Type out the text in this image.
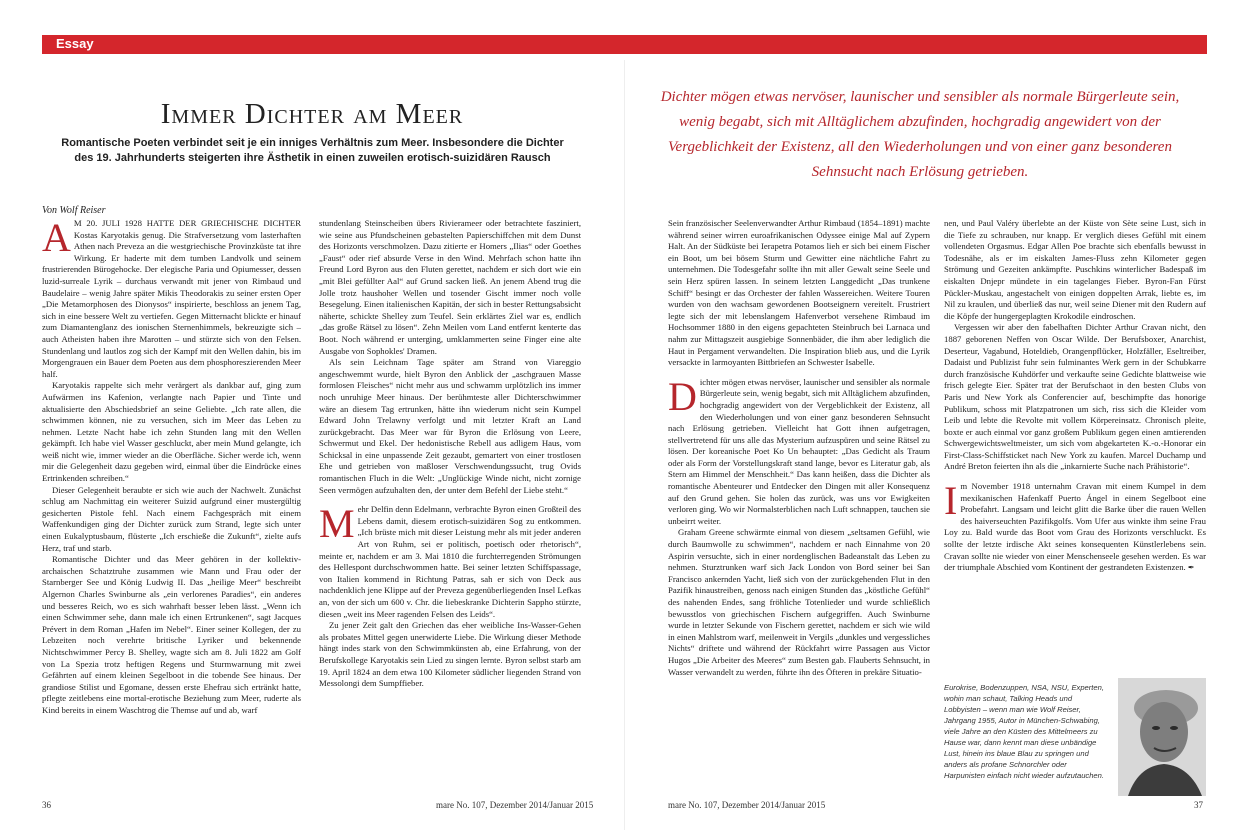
Essay
Immer Dichter am Meer

Romantische Poeten verbindet seit je ein inniges Verhältnis zum Meer. Insbesondere die Dichter des 19. Jahrhunderts steigerten ihre Ästhetik in einen zuweilen erotisch-suizidären Rausch

Von Wolf Reiser

Dichter mögen etwas nervöser, launischer und sensibler als normale Bürgerleute sein, wenig begabt, sich mit Alltäglichem abzufinden, hochgradig angewidert von der Vergeblichkeit der Existenz, all den Wiederholungen und von einer ganz besonderen Sehnsucht nach Erlösung getrieben.

A M 20. JULI 1928 HATTE DER GRIECHISCHE DICHTER Kostas Karyotakis genug. Die Strafversetzung vom lasterhaften Athen nach Preveza an die westgriechische Provinzküste tat ihre Wirkung. Er haderte mit dem tumben Landvolk und seinem frustrierenden Bürogehocke. Der elegische Paria und Opiumesser, dessen luzid-surreale Lyrik – durchaus verwandt mit jener von Rimbaud und Baudelaire – wenig Jahre später Mikis Theodorakis zu seiner ersten Oper „Die Metamorphosen des Dionysos“ inspirierte, beschloss an jenem Tag, sich in eine bessere Welt zu vertiefen. Gegen Mitternacht blickte er hinauf zum Diamantenglanz des ionischen Sternenhimmels, bekreuzigte sich – auch Atheisten haben ihre Marotten – und stürzte sich von den Felsen. Stundenlang und lautlos zog sich der Kampf mit den Wellen dahin, bis im Morgengrauen ein Bauer dem Poeten aus dem phosphoreszierenden Meer half.

Karyotakis rappelte sich mehr verärgert als dankbar auf, ging zum Aufwärmen ins Kafenion, verlangte nach Papier und Tinte und aktualisierte den Abschiedsbrief an seine Geliebte. „Ich rate allen, die schwimmen können, nie zu versuchen, sich im Meer das Leben zu nehmen. Letzte Nacht habe ich zehn Stunden lang mit den Wellen gekämpft. Ich habe viel Wasser geschluckt, aber mein Mund gelangte, ich weiß nicht wie, immer wieder an die Oberfläche. Sicher werde ich, wenn mir die Gelegenheit dazu gegeben wird, einmal über die Eindrücke eines Ertrinkenden schreiben.“

Dieser Gelegenheit beraubte er sich wie auch der Nachwelt. Zunächst schlug am Nachmittag ein weiterer Suizid aufgrund einer mustergültig gesicherten Pistole fehl. Nach einem Fachgespräch mit einem Waffenkundigen ging der Dichter zurück zum Strand, legte sich unter einen Eukalyptusbaum, flüsterte „Ich erschieße die Zukunft“, zielte aufs Herz, traf und starb.

Romantische Dichter und das Meer gehören in der kollektiv-archaischen Schatztruhe zusammen wie Mann und Frau oder der Starnberger See und König Ludwig II. Das „heilige Meer“ beschreibt Algernon Charles Swinburne als „ein verlorenes Paradies“, ein anderes und besseres Reich, wo es sich wahrhaft besser leben lässt. „Wenn ich einen Schwimmer sehe, dann male ich einen Ertrunkenen“, sagt Jacques Prévert in dem Roman „Hafen im Nebel“. Einer seiner Kollegen, der zu Lebzeiten noch verehrte britische Lyriker und bekennende Nichtschwimmer Percy B. Shelley, wagte sich am 8. Juli 1822 am Golf von La Spezia trotz heftigen Regens und Sturmwarnung mit zwei Gefährten auf einem kleinen Segelboot in die tobende See hinaus. Der grandiose Stilist und Egomane, dessen erste Ehefrau sich ertränkt hatte, pflegte zeitlebens eine mortal-erotische Beziehung zum Meer, ruderte als Kind bereits in einem Waschtrog die Themse auf und ab, warf

stundenlang Steinscheiben übers Rivierameer oder betrachtete fasziniert, wie seine aus Pfundscheinen gebastelten Papierschiffchen mit dem Dunst des Horizonts verschmolzen. Dazu zitierte er Homers „Ilias“ oder Goethes „Faust“ oder rief absurde Verse in den Wind. Mehrfach schon hatte ihn Freund Lord Byron aus den Fluten gerettet, nachdem er sich dort wie ein „mit Blei gefüllter Aal“ auf Grund sacken ließ. An jenem Abend trug die Jolle trotz haushoher Wellen und tosender Gischt immer noch volle Besegelung. Einen italienischen Kapitän, der sich in bester Rettungsabsicht näherte, schickte Shelley zum Teufel. Sein erklärtes Ziel war es, endlich „das große Rätsel zu lösen“. Zehn Meilen vom Land entfernt kenterte das Boot. Noch während er unterging, umklammerten seine Finger eine alte Ausgabe von Sophokles' Dramen.

Als sein Leichnam Tage später am Strand von Viareggio angeschwemmt wurde, hielt Byron den Anblick der „aschgrauen Masse formlosen Fleisches“ nicht mehr aus und schwamm urplötzlich ins immer noch unruhige Meer hinaus. Der berühmteste aller Dichterschwimmer wäre an diesem Tag ertrunken, hätte ihn wiederum nicht sein Kumpel Edward John Trelawny verfolgt und mit letzter Kraft an Land zurückgebracht. Das Meer war für Byron die Erlösung von Leere, Schwermut und Ekel. Der hedonistische Rebell aus adligem Haus, vom Schicksal in eine unpassende Zeit gezaubt, gemartert von einer trostlosen Ehe und getrieben von maßloser Verschwendungssucht, trug Ovids romantischen Fluch in die Welt: „Unglückige Winde nicht, nicht zornige Seen vermögen aufzuhalten den, der unter dem Befehl der Liebe steht.“

Mehr Delfin denn Edelmann, verbrachte Byron einen Großteil des Lebens damit, diesem erotisch-suizidären Sog zu entkommen. „Ich brüste mich mit dieser Leistung mehr als mit jeder anderen Art von Ruhm, sei er politisch, poetisch oder rhetorisch“, meinte er, nachdem er am 3. Mai 1810 die furchterregenden Strömungen des Hellespont durchschwommen hatte. Bei seiner letzten Schiffspassage, von Italien kommend in Richtung Patras, sah er sich von Deck aus nachdenklich jene Klippe auf der Preveza gegenüberliegenden Insel Lefkas an, von der sich um 600 v. Chr. die liebeskranke Dichterin Sappho stürzte, diesen „weit ins Meer ragenden Felsen des Leids“.

Zu jener Zeit galt den Griechen das eher weibliche Ins-Wasser-Gehen als probates Mittel gegen unerwiderte Liebe. Die Wirkung dieser Methode hängt indes stark von den Schwimmkünsten ab, eine Erfahrung, von der Berufskollege Karyotakis sein Lied zu singen lernte. Byron selbst starb am 19. April 1824 an dem etwa 100 Kilometer südlicher liegenden Strand von Messolongi dem Sumpffieber.

Sein französischer Seelenverwandter Arthur Rimbaud (1854–1891) machte während seiner wirren euroafrikanischen Odyssee einige Mal auf Zypern Halt. An der Südküste bei Ierapetra Potamos lieh er sich bei einem Fischer ein Boot, um bei bösem Sturm und Gewitter eine nächtliche Fahrt zu unternehmen. Die Todesgefahr sollte ihn mit aller Gewalt seine Seele und sein Herz spüren lassen. In seinem letzten Langgedicht „Das trunkene Schiff“ besingt er das Orchester der fahlen Wassereichen. Weitere Touren wurden von den wachsam gewordenen Bootseignern vereitelt. Frustriert legte sich der mit lebenslangem Hafenverbot versehene Rimbaud im Hochsommer 1880 in den eigens gepachteten Steinbruch bei Larnaca und nahm zur Mittagszeit ausgiebige Sonnenbäder, die ihm aber lediglich die Haut in Pergament verwandelten. Die Inspiration blieb aus, und die Lyrik versackte in larmoyanten Bittbriefen an Schwester Isabelle.

Dichter mögen etwas nervöser, launischer und sensibler als normale Bürgerleute sein, wenig begabt, sich mit Alltäglichem abzufinden, hochgradig angewidert von der Vergeblichkeit der Existenz, all den Wiederholungen und von einer ganz besonderen Sehnsucht nach Erlösung getrieben. Vielleicht hat Gott ihnen aufgetragen, stellvertretend für uns alle das Mysterium aufzuspüren und seine Rätsel zu lösen. Der koreanische Poet Ko Un behauptet: „Das Gedicht als Traum oder als Form der Vorstellungskraft stand lange, bevor es Literatur gab, als Stern am Himmel der Menschheit.“ Das kann heißen, dass die Dichter als romantische Abenteurer und Entdecker den Dingen mit aller Konsequenz auf den Grund gehen. Sie holen das zurück, was uns vor Ewigkeiten verloren ging. Wo wir Normalsterblichen nach Luft schnappen, tauchen sie unbeirrt weiter.

Graham Greene schwärmte einmal von diesem „seltsamen Gefühl, wie durch Baumwolle zu schwimmen“, nachdem er nach Einnahme von 20 Aspirin versuchte, sich in einer nordenglischen Badeanstalt das Leben zu nehmen. Sturztrunken warf sich Jack London von Bord seiner bei San Francisco ankernden Yacht, ließ sich von der zurückgehenden Flut in den Pazifik hinaustreiben, genoss nach einigen Stunden das „köstliche Gefühl“ des nahenden Endes, sang fröhliche Totenlieder und wurde schließlich bewusstlos von griechischen Fischern aufgegriffen. Auch Swinburne wurde in letzter Sekunde von Fischern gerettet, nachdem er sich wie wild in einen Mahlstrom warf, meilenweit in Vergils „dunkles und vergessliches Nichts“ driftete und während der Rückfahrt wirre Passagen aus Victor Hugos „Die Arbeiter des Meeres“ zum Besten gab. Flauberts Sehnsucht, in Wasser verwandelt zu werden, führte ihn des Öfteren in prekäre Situatio-

nen, und Paul Valéry überlebte an der Küste von Sète seine Lust, sich in die Tiefe zu schrauben, nur knapp. Er verglich dieses Gefühl mit einem vollendeten Orgasmus. Edgar Allen Poe brachte sich ebenfalls bewusst in Todesnähe, als er im eiskalten James-Fluss zehn Kilometer gegen Strömung und Gezeiten ankämpfte. Puschkins winterlicher Badespaß im eiskalten Dnjepr mündete in ein tagelanges Fieber. Byron-Fan Fürst Pückler-Muskau, angestachelt von einigen doppelten Arrak, liebte es, im Nil zu kraulen, und überließ das nur, weil seine Diener mit den Rudern auf die Köpfe der hungergeplagten Krokodile eindroschen.

Vergessen wir aber den fabelhaften Dichter Arthur Cravan nicht, den 1887 geborenen Neffen von Oscar Wilde. Der Berufsboxer, Anarchist, Deserteur, Vagabund, Hoteldieb, Orangenpflücker, Holzfäller, Eseltreiber, Dadaist und Publizist fuhr sein fulminantes Werk gern in der Schubkarre durch französische Kuhdörfer und verkaufte seine Gedichte blattweise wie frisch gelegte Eier. Später trat der Berufschaot in den besten Clubs von Paris und New York als Conferencier auf, beschimpfte das honorige Publikum, schoss mit Platzpatronen um sich, riss sich die Kleider vom Leib und lebte die Revolte mit vollem Körpereinsatz. Chronisch pleite, boxte er auch einmal vor ganz großem Publikum gegen einen amtierenden Schwergewichtsweltmeister, um sich vom abgekarteten K.-o.-Honorar ein First-Class-Schiffsticket nach New York zu kaufen. Marcel Duchamp und André Breton feierten ihn als die „inkarnierte Suche nach Prähistorie“.

Im November 1918 unternahm Cravan mit einem Kumpel in dem mexikanischen Hafenkaff Puerto Ángel in einem Segelboot eine Probefahrt. Langsam und leicht glitt die Barke über die rauen Wellen des haiverseuchten Pazifikgolfs. Vom Ufer aus winkte ihm seine Frau Loy zu. Bald wurde das Boot vom Grau des Horizonts verschluckt. Es sollte der letzte irdische Akt seines konsequenten Künstlerlebens sein. Cravan sollte nie wieder von einer Menschenseele gesehen werden. Es war der triumphale Abschied vom Kontinent der gestrandeten Existenzen. ✒

Eurokrise, Bodenzuppen, NSA, NSU, Experten, wohin man schaut, Talking Heads und Lobbyisten – wenn man wie Wolf Reiser, Jahrgang 1955, Autor in München-Schwabing, viele Jahre an den Küsten des Mittelmeers zu Hause war, dann kennt man diese unbändige Lust, hinein ins blaue Blau zu springen und anders als profane Schnorchler oder Harpunisten einfach nicht wieder aufzutauchen.

36	mare No. 107, Dezember 2014/Januar 2015	mare No. 107, Dezember 2014/Januar 2015	37
